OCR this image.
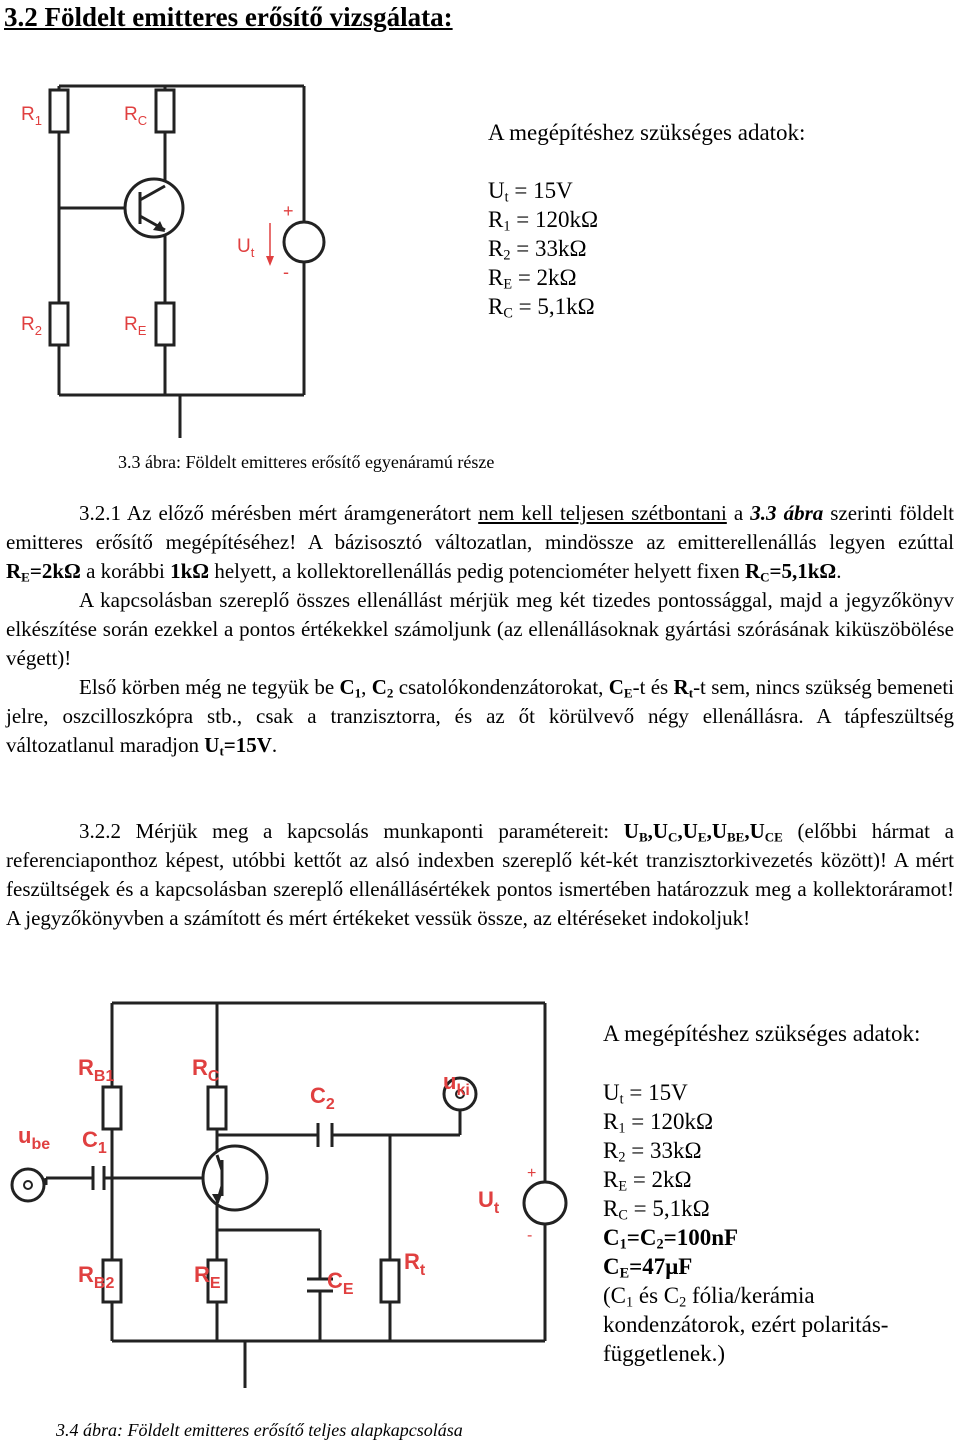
3.2 Földelt emitteres erősítő vizsgálata:
$R_1$	$R_C$
$R_2$	$R_E$
$U_t$
+
-
A megépítéshez szükséges adatok:
$U_t = 15V$
$R_1 = 120k\Omega$
$R_2 = 33k\Omega$
$R_E = 2k\Omega$
$R_C = 5,1k\Omega$
3.3 ábra: Földelt emitteres erősítő egyenáramú része

3.2.1 Az előző mérésben mért áramgenerátort nem kell teljesen szétbontani a 3.3 ábra szerinti földelt emitteres erősítő megépítéséhez! A bázisosztó változatlan, mindössze az emitterellenállás legyen ezúttal $R_E=2k\Omega$ a korábbi 1kΩ helyett, a kollektorellenállás pedig potenciométer helyett fixen $R_C=5,1k\Omega$.

A kapcsolásban szereplő összes ellenállást mérjük meg két tizedes pontossággal, majd a jegyzőkönyv elkészítése során ezekkel a pontos értékekkel számoljunk (az ellenállásoknak gyártási szórásának kiküszöbölése végett)!

Első körben még ne tegyük be $C_1$, $C_2$ csatolókondenzátorokat, $C_E-t$ és $R_t-t$ sem, nincs szükség bemeneti jelre, oszcilloszkópra stb., csak a tranzisztorra, és az őt körülvevő négy ellenállásra. A tápfeszültség változatlanul maradjon $U_t=15V$.

3.2.2 Mérjük meg a kapcsolás munkaponti paramétereit: $U_B,U_C,U_E,U_{BE},U_{CE}$ (előbbi hármat a referenciaponthoz képest, utóbbi kettőt az alsó indexben szereplő két-két tranzisztorkivezetés között)! A mért feszültségek és a kapcsolásban szereplő ellenállásértékek pontos ismertében határozzuk meg a kollektoráramot! A jegyzőkönyvben a számított és mért értékeket vessük össze, az eltéréseket indokoljuk!

$R_{B1}$	$R_C$
$C_2$
$u_{ki}$
$u_{be}$ $C_1$
$U_t$
+
-
$R_{B2}$	$R_E$	$C_E$
$R_t$
A megépítéshez szükséges adatok:
$U_t = 15V$
$R_1 = 120k\Omega$
$R_2 = 33k\Omega$
$R_E = 2k\Omega$
$R_C = 5,1k\Omega$
$C_1=C_2=100nF$
$C_E=47\mu F$
($C_1$ és $C_2$ fólia/kerámia
kondenzátorok, ezért polaritás-
függetlenek.)
3.4 ábra: Földelt emitteres erősítő teljes alapkapcsolása
